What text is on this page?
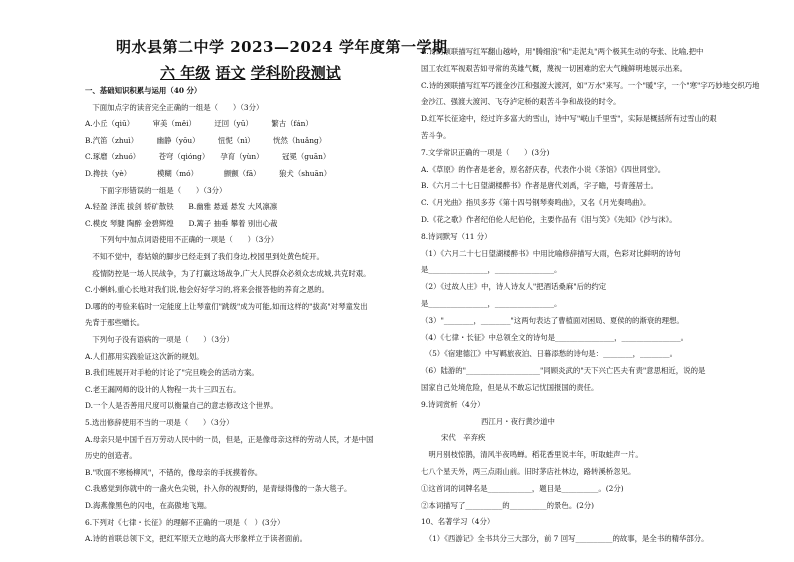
明水县第二中学 2023—2024 学年度第一学期
六 年级 语文 学科阶段测试
一、基础知识积累与运用（40 分）
　下面加点字的读音完全正确的一组是（　　）（3分）
A.小丘（qiū）　　　审美（měi）　　　迂回（yū）　　　繁古（fán）
B.汽笛（zhuì）　　　幽静（yōu）　　　忸怩（nì）　　　恍然（huǎng）
C.琢磨（zhuó）　　　苍穹（qióng）　　孕育（yùn）　　　冠冕（guān）
D.搀扶（yè）　　　　模糊（mó）　　　　颤颤（fā）　　　狼犬（shuān）
　　下面字形错误的一组是（　　）（3分）
A.轻盈 泽流 拔剑 轿矿散铁　　B.幽雅 悬遥 悬发 大风凛凛
C.模皮 琴腱 陶醉 金碧辉煌　　D.篱子 抽垂 攀着 别出心裁
　　下列句中加点词语使用不正确的一项是（　　）（3分）
　不知不觉中，春姑娘的脚步已经走到了我们身边,校园里到处黄色绽开。
　疫情防控是一场人民战争，为了打赢这场战争,广大人民群众必须众志成城,共克时艰。
C.小蝌蚪,重心长地对我们说,他会好好学习的,将来会报答他的养育之恩的。
D.哪的的考验来临时一定能度上让琴童们"跳级"成为可能,如而这样的"拔高"对琴童发出
先背于那些赠长。
　下列句子没有语病的一项是（　　）（3分）
A.人们都用实践验证这次新的规划。
B.我们班展开对手枪的讨论了"完旦晚会的活动方案。
C.老王漏网师的设计的人物程一共十三四五右。
D.一个人是否善用尺度可以衡量自己的意志修改这个世界。
5.选出修辞使用不当的一项是（　　）（3分）
A.母亲只是中国千百万劳动人民中的一员，但是，正是像母亲这样的劳动人民，才是中国
历史的创造者。
B."吹面不寒杨柳风"，不错的，像母亲的手抚摸着你。
C.我感觉到你就中的一盏火色尖锐，扑入你的视野的，是青绿得像的一条大毯子。
D.海燕像黑色的闪电，在高傲地飞翔。
6.下列对《七律・长征》的理解不正确的一项是（　）(3分）
A.诗的首联总领下文，把红军原天立地的高大形象样立于读者面前。
B.诗的颔联描写红军翻山越岭，用"腾细浪"和"走泥丸"两个极其生动的夸张、比喻,把中
国工农红军视艰苦如寻常的英雄气概，蔑视一切困难的宏大气魄鲜明地展示出来。
C.诗的颈联描写红军巧渡金沙江和强渡大渡河，如"万水"来写。一个"暖"字，一个"寒"字巧妙地交织巧地
金沙江、强渡大渡河、飞夺泸定桥的艰苦斗争和战役的时令。
D.红军长征途中，经过许多富大的雪山，诗中写"岷山千里雪"，实际是概括所有过雪山的艰
苦斗争。
7.文学常识正确的一项是（　　）(3分)
A.《草原》的作者是老舍，原名舒庆春，代表作小说《茶馆》《四世同堂》。
B.《六月二十七日望湖楼醉书》作者是唐代刘禹，字子瞻，号青莲居士。
C.《月光曲》指贝多芬《第十四号钢琴奏鸣曲》，又名《月光奏鸣曲》。
D.《花之歌》作者纪伯伦人纪伯伦，主要作品有《泪与笑》《先知》《沙与沫》。
8.诗词默写（11 分）
（1）《六月二十七日望湖楼醉书》中用比喻修辞描写大雨，色彩对比鲜明的诗句
是________________，________________。
（2）《过故人庄》中，诗人诗友人"把酒话桑麻"后的约定
是________________，________________。
（3）"________，________"这两句表达了曹植面对困局、夏侯的的渐衰的理想。
（4）《七律・长征》中总领全文的诗句是________________，________________。
　（5）《宿建德江》中写羁旅夜泊、日暮添愁的诗句是：________，________。
（6）陆游的"____________________"同顾炎武的"天下兴亡匹夫有责"意思相近，说的是
国家自己处境危险，但是从不敢忘记忧国报国的责任。
9.诗词赏析（4分）
西江月・夜行黄沙道中
宋代　辛弃疾
　明月别枝惊鹊，清风半夜鸣蝉。稻花香里说丰年，听取蛙声一片。
七八个星天外，两三点雨山前。旧时茅店社林边，路转溪桥忽见。
①这首词的词牌名是____________，题目是__________。(2分)
②本词描写了__________的__________的景色。(2分)
10、名著学习（4分）
　（1）《西游记》全书共分三大部分，前 7 回写__________的故事，是全书的精华部分。
